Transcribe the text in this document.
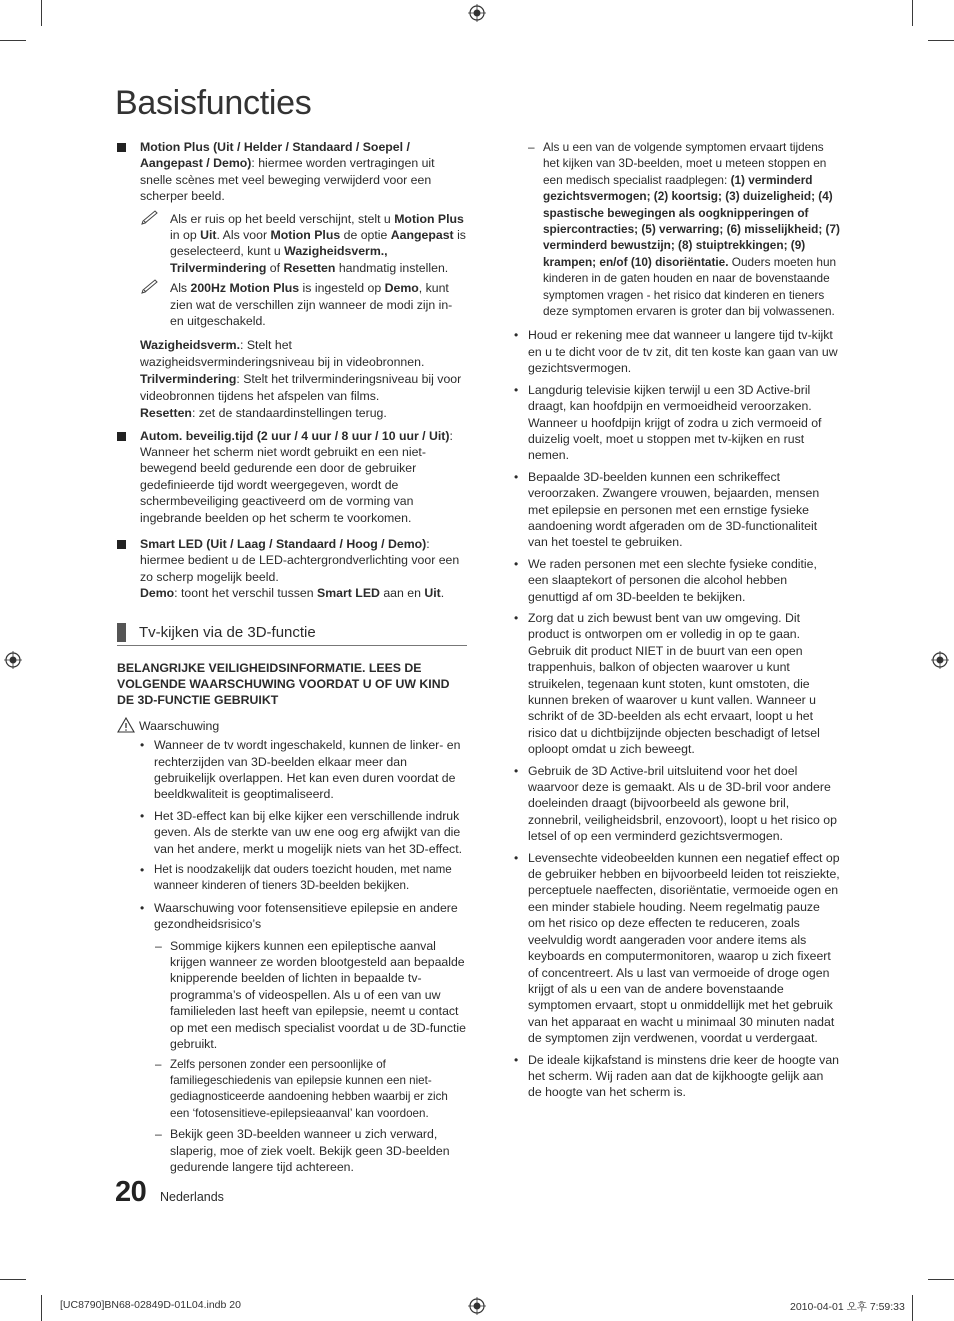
Basisfuncties
Motion Plus (Uit / Helder / Standaard / Soepel / Aangepast / Demo): hiermee worden vertragingen uit snelle scènes met veel beweging verwijderd voor een scherper beeld.
Als er ruis op het beeld verschijnt, stelt u Motion Plus in op Uit. Als voor Motion Plus de optie Aangepast is geselecteerd, kunt u Wazigheidsverm., Trilvermindering of Resetten handmatig instellen.
Als 200Hz Motion Plus is ingesteld op Demo, kunt zien wat de verschillen zijn wanneer de modi zijn in- en uitgeschakeld.
Wazigheidsverm.: Stelt het wazigheidsverminderingsniveau bij in videobronnen.
Trilvermindering: Stelt het trilverminderingsniveau bij voor videobronnen tijdens het afspelen van films.
Resetten: zet de standaardinstellingen terug.
Autom. beveilig.tijd (2 uur / 4 uur / 8 uur / 10 uur / Uit): Wanneer het scherm niet wordt gebruikt en een niet-bewegend beeld gedurende een door de gebruiker gedefinieerde tijd wordt weergegeven, wordt de schermbeveiliging geactiveerd om de vorming van ingebrande beelden op het scherm te voorkomen.
Smart LED (Uit / Laag / Standaard / Hoog / Demo): hiermee bedient u de LED-achtergrondverlichting voor een zo scherp mogelijk beeld.
Demo: toont het verschil tussen Smart LED aan en Uit.
Tv-kijken via de 3D-functie
BELANGRIJKE VEILIGHEIDSINFORMATIE. LEES DE VOLGENDE WAARSCHUWING VOORDAT U OF UW KIND DE 3D-FUNCTIE GEBRUIKT
Waarschuwing
• Wanneer de tv wordt ingeschakeld, kunnen de linker- en rechterzijden van 3D-beelden elkaar meer dan gebruikelijk overlappen. Het kan even duren voordat de beeldkwaliteit is geoptimaliseerd.
• Het 3D-effect kan bij elke kijker een verschillende indruk geven. Als de sterkte van uw ene oog erg afwijkt van die van het andere, merkt u mogelijk niets van het 3D-effect.
• Het is noodzakelijk dat ouders toezicht houden, met name wanneer kinderen of tieners 3D-beelden bekijken.
• Waarschuwing voor fotensensitieve epilepsie en andere gezondheidsrisico’s
– Sommige kijkers kunnen een epileptische aanval krijgen wanneer ze worden blootgesteld aan bepaalde knipperende beelden of lichten in bepaalde tv-programma’s of videospellen. Als u of een van uw familieleden last heeft van epilepsie, neemt u contact op met een medisch specialist voordat u de 3D-functie gebruikt.
– Zelfs personen zonder een persoonlijke of familiegeschiedenis van epilepsie kunnen een niet-gediagnosticeerde aandoening hebben waarbij er zich een ‘fotosensitieve-epilepsieaanval’ kan voordoen.
– Bekijk geen 3D-beelden wanneer u zich verward, slaperig, moe of ziek voelt. Bekijk geen 3D-beelden gedurende langere tijd achtereen.
– Als u een van de volgende symptomen ervaart tijdens het kijken van 3D-beelden, moet u meteen stoppen en een medisch specialist raadplegen: (1) verminderd gezichtsvermogen; (2) koortsig; (3) duizeligheid; (4) spastische bewegingen als oogknipperingen of spiercontracties; (5) verwarring; (6) misselijkheid; (7) verminderd bewustzijn; (8) stuiptrekkingen; (9) krampen; en/of (10) disoriëntatie. Ouders moeten hun kinderen in de gaten houden en naar de bovenstaande symptomen vragen - het risico dat kinderen en tieners deze symptomen ervaren is groter dan bij volwassenen.
• Houd er rekening mee dat wanneer u langere tijd tv-kijkt en u te dicht voor de tv zit, dit ten koste kan gaan van uw gezichtsvermogen.
• Langdurig televisie kijken terwijl u een 3D Active-bril draagt, kan hoofdpijn en vermoeidheid veroorzaken. Wanneer u hoofdpijn krijgt of zodra u zich vermoeid of duizelig voelt, moet u stoppen met tv-kijken en rust nemen.
• Bepaalde 3D-beelden kunnen een schrikeffect veroorzaken. Zwangere vrouwen, bejaarden, mensen met epilepsie en personen met een ernstige fysieke aandoening wordt afgeraden om de 3D-functionaliteit van het toestel te gebruiken.
• We raden personen met een slechte fysieke conditie, een slaaptekort of personen die alcohol hebben genuttigd af om 3D-beelden te bekijken.
• Zorg dat u zich bewust bent van uw omgeving. Dit product is ontworpen om er volledig in op te gaan. Gebruik dit product NIET in de buurt van een open trappenhuis, balkon of objecten waarover u kunt struikelen, tegenaan kunt stoten, kunt omstoten, die kunnen breken of waarover u kunt vallen. Wanneer u schrikt of de 3D-beelden als echt ervaart, loopt u het risico dat u dichtbijzijnde objecten beschadigt of letsel oploopt omdat u zich beweegt.
• Gebruik de 3D Active-bril uitsluitend voor het doel waarvoor deze is gemaakt. Als u de 3D-bril voor andere doeleinden draagt (bijvoorbeeld als gewone bril, zonnebril, veiligheidsbril, enzovoort), loopt u het risico op letsel of op een verminderd gezichtsvermogen.
• Levensechte videobeelden kunnen een negatief effect op de gebruiker hebben en bijvoorbeeld leiden tot reisziekte, perceptuele naeffecten, disoriëntatie, vermoeide ogen en een minder stabiele houding. Neem regelmatig pauze om het risico op deze effecten te reduceren, zoals veelvuldig wordt aangeraden voor andere items als keyboards en computermonitoren, waarop u zich fixeert of concentreert. Als u last van vermoeide of droge ogen krijgt of als u een van de andere bovenstaande symptomen ervaart, stopt u onmiddellijk met het gebruik van het apparaat en wacht u minimaal 30 minuten nadat de symptomen zijn verdwenen, voordat u verdergaat.
• De ideale kijkafstand is minstens drie keer de hoogte van het scherm. Wij raden aan dat de kijkhoogte gelijk aan de hoogte van het scherm is.
20 Nederlands
[UC8790]BN68-02849D-01L04.indb 20	2010-04-01 오후 7:59:33
